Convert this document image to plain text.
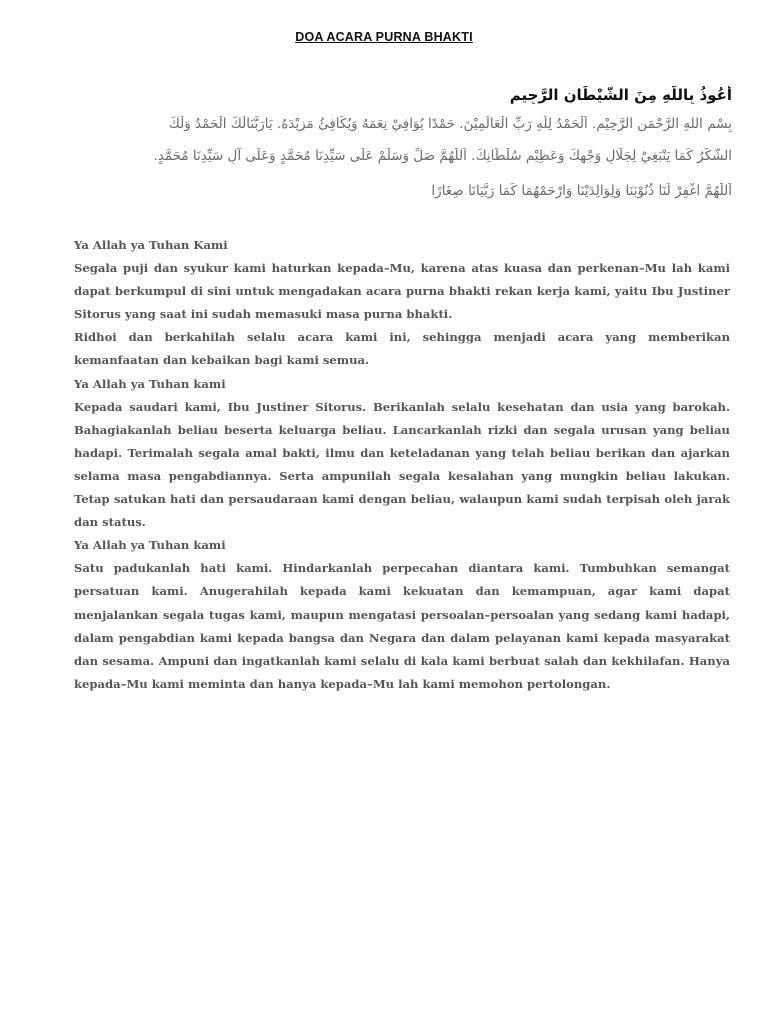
DOA ACARA PURNA BHAKTI
أَعُوذُ بِاللَّهِ مِنَ الشَّيْطَانِ الرَّجِيمِ
بِسْمِ اللهِ الرَّحْمَنِ الرَّحِيْمِ. اَلْحَمْدُ لِلَّهِ رَبِّ الْعَالَمِيْنَ. حَمْدًا يُوَافِيْ نِعَمَهُ وَيُكَافِئُ مَزِيْدَهُ. يَارَبَّنَالَكَ الْحَمْدُ وَلَكَ
الشُّكْرُ كَمَا يَنْبَغِيْ لِجَلَالِ وَجْهِكَ وَعَظِيْمِ سُلْطَانِكَ. اَللّٰهُمَّ صَلِّ وَسَلِّمْ عَلَى سَيِّدِنَا مُحَمَّدٍ وَعَلَى آلِ سَيِّدِنَا مُحَمَّدٍ.
اَللّٰهُمَّ اغْفِرْ لَنَا ذُنُوْبَنَا وَلِوَالِدَيْنَا وَارْحَمْهُمَا كَمَا رَبَّيَانَا صِغَارًا

Ya Allah ya Tuhan Kami

Segala puji dan syukur kami haturkan kepada–Mu, karena atas kuasa dan perkenan–Mu lah kami dapat berkumpul di sini untuk mengadakan acara purna bhakti rekan kerja kami, yaitu Ibu Justiner Sitorus yang saat ini sudah memasuki masa purna bhakti.

Ridhoi dan berkahilah selalu acara kami ini, sehingga menjadi acara yang memberikan kemanfaatan dan kebaikan bagi kami semua.

Ya Allah ya Tuhan kami

Kepada saudari kami, Ibu Justiner Sitorus. Berikanlah selalu kesehatan dan usia yang barokah. Bahagiakanlah beliau beserta keluarga beliau. Lancarkanlah rizki dan segala urusan yang beliau hadapi. Terimalah segala amal bakti, ilmu dan keteladanan yang telah beliau berikan dan ajarkan selama masa pengabdiannya. Serta ampunilah segala kesalahan yang mungkin beliau lakukan. Tetap satukan hati dan persaudaraan kami dengan beliau, walaupun kami sudah terpisah oleh jarak dan status.

Ya Allah ya Tuhan kami

Satu padukanlah hati kami. Hindarkanlah perpecahan diantara kami. Tumbuhkan semangat persatuan kami. Anugerahilah kepada kami kekuatan dan kemampuan, agar kami dapat menjalankan segala tugas kami, maupun mengatasi persoalan–persoalan yang sedang kami hadapi, dalam pengabdian kami kepada bangsa dan Negara dan dalam pelayanan kami kepada masyarakat dan sesama. Ampuni dan ingatkanlah kami selalu di kala kami berbuat salah dan kekhilafan. Hanya kepada–Mu kami meminta dan hanya kepada–Mu lah kami memohon pertolongan.
